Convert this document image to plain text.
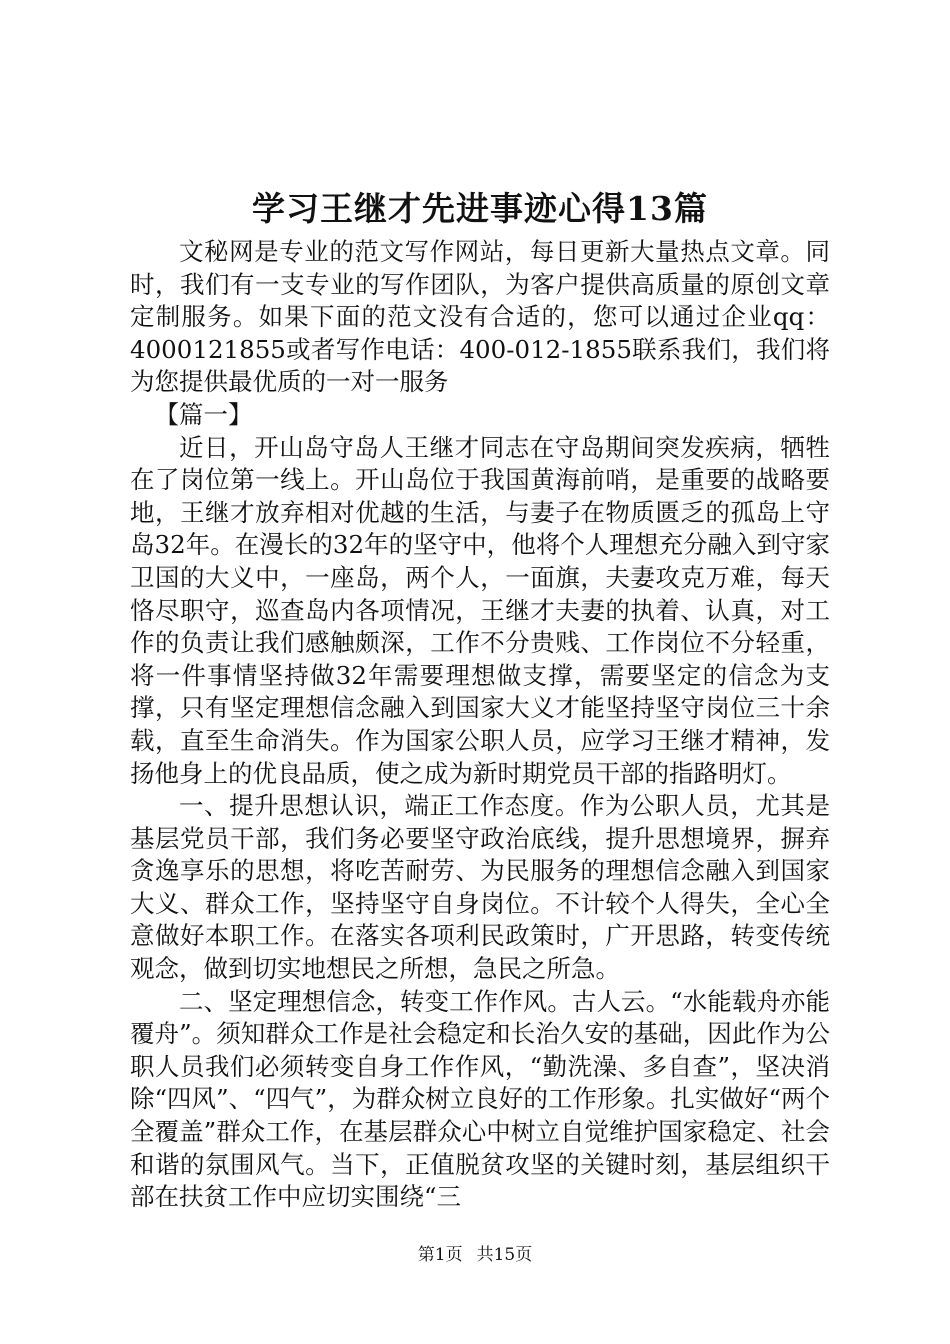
学习王继才先进事迹心得13篇

文秘网是专业的范文写作网站，每日更新大量热点文章。同时，我们有一支专业的写作团队，为客户提供高质量的原创文章定制服务。如果下面的范文没有合适的，您可以通过企业qq：4000121855或者写作电话：400-012-1855联系我们，我们将为您提供最优质的一对一服务

【篇一】

近日，开山岛守岛人王继才同志在守岛期间突发疾病，牺牲在了岗位第一线上。开山岛位于我国黄海前哨，是重要的战略要地，王继才放弃相对优越的生活，与妻子在物质匮乏的孤岛上守岛32年。在漫长的32年的坚守中，他将个人理想充分融入到守家卫国的大义中，一座岛，两个人，一面旗，夫妻攻克万难，每天恪尽职守，巡查岛内各项情况，王继才夫妻的执着、认真，对工作的负责让我们感触颇深，工作不分贵贱、工作岗位不分轻重，将一件事情坚持做32年需要理想做支撑，需要坚定的信念为支撑，只有坚定理想信念融入到国家大义才能坚持坚守岗位三十余载，直至生命消失。作为国家公职人员，应学习王继才精神，发扬他身上的优良品质，使之成为新时期党员干部的指路明灯。

一、提升思想认识，端正工作态度。作为公职人员，尤其是基层党员干部，我们务必要坚守政治底线，提升思想境界，摒弃贪逸享乐的思想，将吃苦耐劳、为民服务的理想信念融入到国家大义、群众工作，坚持坚守自身岗位。不计较个人得失，全心全意做好本职工作。在落实各项利民政策时，广开思路，转变传统观念，做到切实地想民之所想，急民之所急。

二、坚定理想信念，转变工作作风。古人云。“水能载舟亦能覆舟”。须知群众工作是社会稳定和长治久安的基础，因此作为公职人员我们必须转变自身工作作风，“勤洗澡、多自查”，坚决消除“四风”、“四气”，为群众树立良好的工作形象。扎实做好“两个全覆盖”群众工作，在基层群众心中树立自觉维护国家稳定、社会和谐的氛围风气。当下，正值脱贫攻坚的关键时刻，基层组织干部在扶贫工作中应切实围绕“三

第1页 共15页
